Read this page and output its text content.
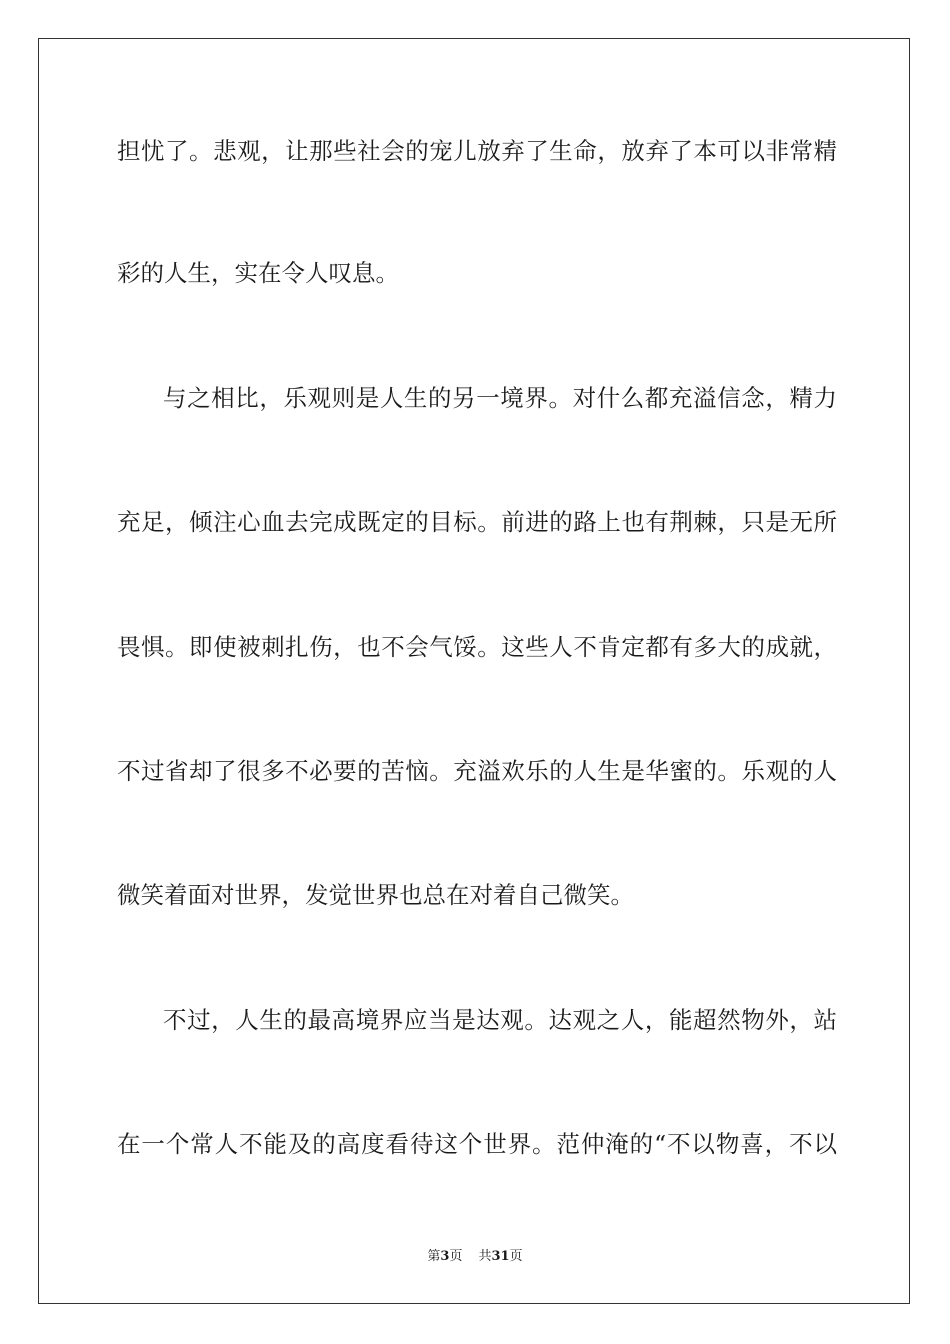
担忧了。悲观，让那些社会的宠儿放弃了生命，放弃了本可以非常精
彩的人生，实在令人叹息。
与之相比，乐观则是人生的另一境界。对什么都充溢信念，精力
充足，倾注心血去完成既定的目标。前进的路上也有荆棘，只是无所
畏惧。即使被刺扎伤，也不会气馁。这些人不肯定都有多大的成就，
不过省却了很多不必要的苦恼。充溢欢乐的人生是华蜜的。乐观的人
微笑着面对世界，发觉世界也总在对着自己微笑。
不过，人生的最高境界应当是达观。达观之人，能超然物外，站
在一个常人不能及的高度看待这个世界。范仲淹的“不以物喜，不以
第3页 共31页
